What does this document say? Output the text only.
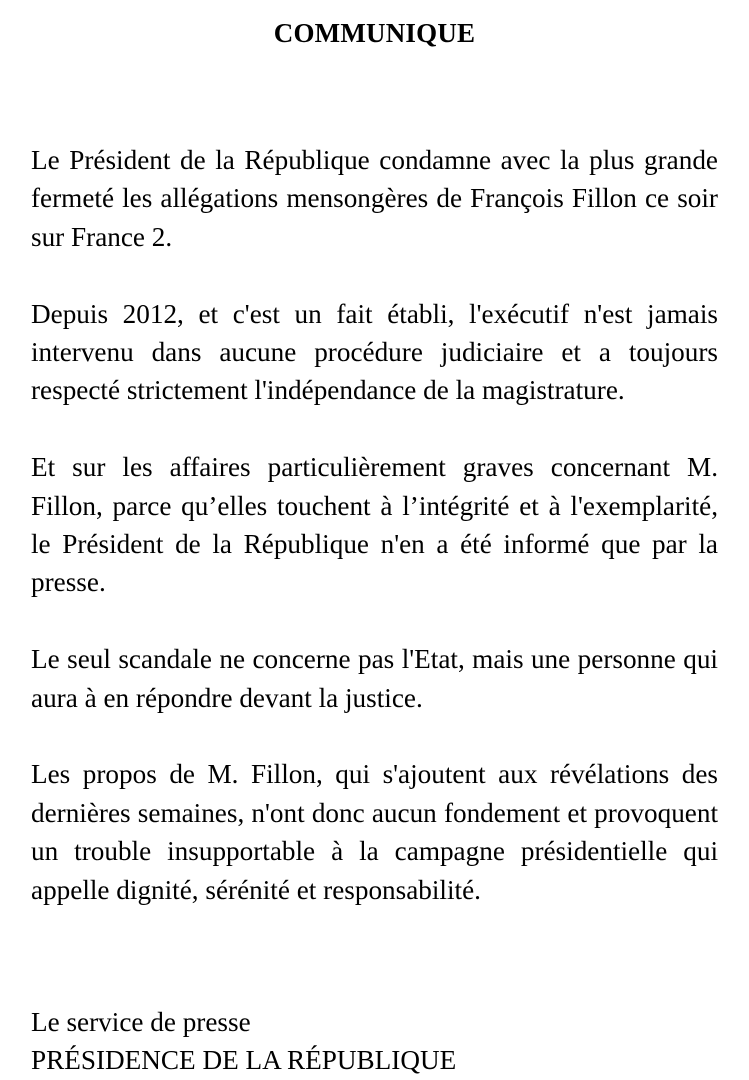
COMMUNIQUE

Le Président de la République condamne avec la plus grande fermeté les allégations mensongères de François Fillon ce soir sur France 2.

Depuis 2012, et c'est un fait établi, l'exécutif n'est jamais intervenu dans aucune procédure judiciaire et a toujours respecté strictement l'indépendance de la magistrature.

Et sur les affaires particulièrement graves concernant M. Fillon, parce qu’elles touchent à l’intégrité et à l'exemplarité, le Président de la République n'en a été informé que par la presse.

Le seul scandale ne concerne pas l'Etat, mais une personne qui aura à en répondre devant la justice.

Les propos de M. Fillon, qui s'ajoutent aux révélations des dernières semaines, n'ont donc aucun fondement et provoquent un trouble insupportable à la campagne présidentielle qui appelle dignité, sérénité et responsabilité.

Le service de presse
PRÉSIDENCE DE LA RÉPUBLIQUE
